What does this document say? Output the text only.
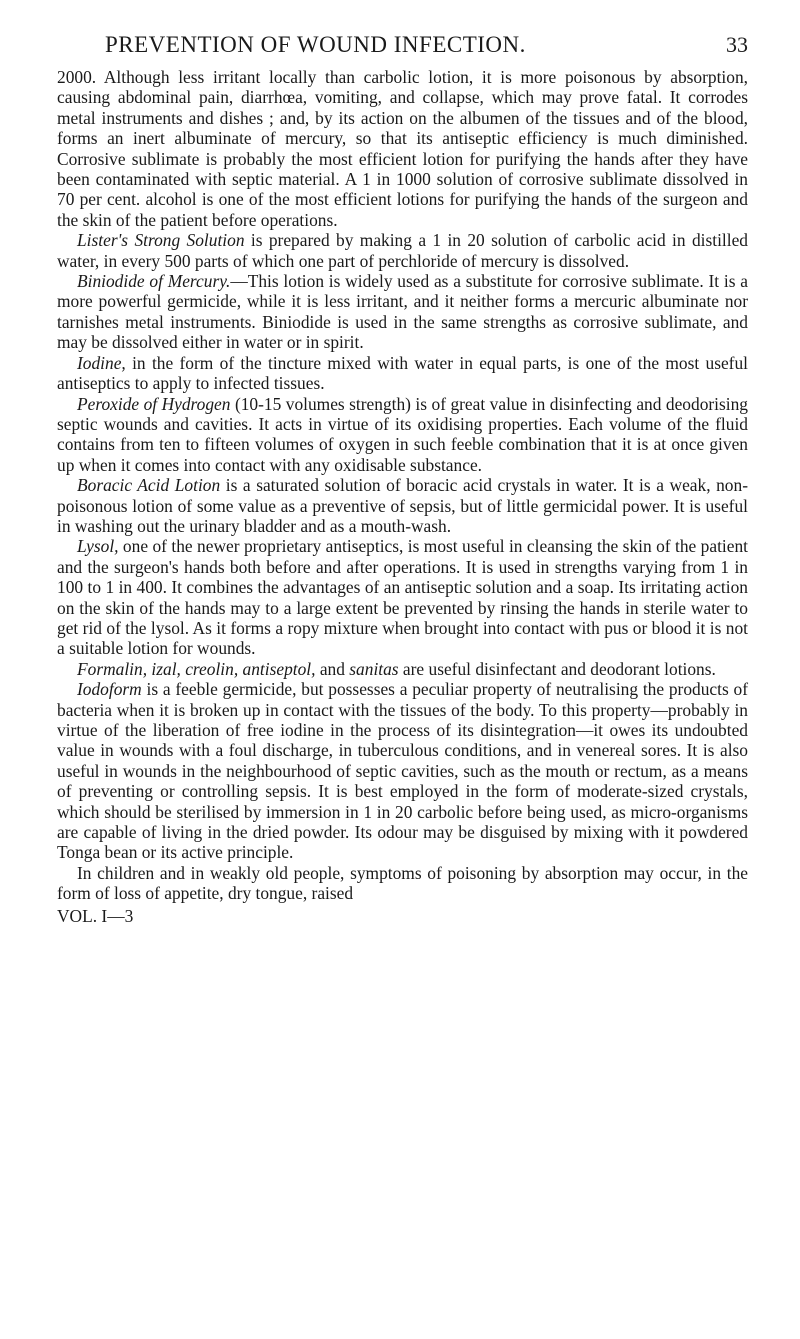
PREVENTION OF WOUND INFECTION.	33

2000. Although less irritant locally than carbolic lotion, it is more poisonous by absorption, causing abdominal pain, diarrhœa, vomiting, and collapse, which may prove fatal. It corrodes metal instruments and dishes ; and, by its action on the albumen of the tissues and of the blood, forms an inert albuminate of mercury, so that its antiseptic efficiency is much diminished. Corrosive sublimate is probably the most efficient lotion for purifying the hands after they have been contaminated with septic material. A 1 in 1000 solution of corrosive sublimate dissolved in 70 per cent. alcohol is one of the most efficient lotions for purifying the hands of the surgeon and the skin of the patient before operations.

Lister's Strong Solution is prepared by making a 1 in 20 solution of carbolic acid in distilled water, in every 500 parts of which one part of perchloride of mercury is dissolved.

Biniodide of Mercury.—This lotion is widely used as a substitute for corrosive sublimate. It is a more powerful germicide, while it is less irritant, and it neither forms a mercuric albuminate nor tarnishes metal instruments. Biniodide is used in the same strengths as corrosive sublimate, and may be dissolved either in water or in spirit.

Iodine, in the form of the tincture mixed with water in equal parts, is one of the most useful antiseptics to apply to infected tissues.

Peroxide of Hydrogen (10-15 volumes strength) is of great value in disinfecting and deodorising septic wounds and cavities. It acts in virtue of its oxidising properties. Each volume of the fluid contains from ten to fifteen volumes of oxygen in such feeble combination that it is at once given up when it comes into contact with any oxidisable substance.

Boracic Acid Lotion is a saturated solution of boracic acid crystals in water. It is a weak, non-poisonous lotion of some value as a preventive of sepsis, but of little germicidal power. It is useful in washing out the urinary bladder and as a mouth-wash.

Lysol, one of the newer proprietary antiseptics, is most useful in cleansing the skin of the patient and the surgeon's hands both before and after operations. It is used in strengths varying from 1 in 100 to 1 in 400. It combines the advantages of an antiseptic solution and a soap. Its irritating action on the skin of the hands may to a large extent be prevented by rinsing the hands in sterile water to get rid of the lysol. As it forms a ropy mixture when brought into contact with pus or blood it is not a suitable lotion for wounds.

Formalin, izal, creolin, antiseptol, and sanitas are useful disinfectant and deodorant lotions.

Iodoform is a feeble germicide, but possesses a peculiar property of neutralising the products of bacteria when it is broken up in contact with the tissues of the body. To this property—probably in virtue of the liberation of free iodine in the process of its disintegration—it owes its undoubted value in wounds with a foul discharge, in tuberculous conditions, and in venereal sores. It is also useful in wounds in the neighbourhood of septic cavities, such as the mouth or rectum, as a means of preventing or controlling sepsis. It is best employed in the form of moderate-sized crystals, which should be sterilised by immersion in 1 in 20 carbolic before being used, as micro-organisms are capable of living in the dried powder. Its odour may be disguised by mixing with it powdered Tonga bean or its active principle.

In children and in weakly old people, symptoms of poisoning by absorption may occur, in the form of loss of appetite, dry tongue, raised

VOL. I—3
